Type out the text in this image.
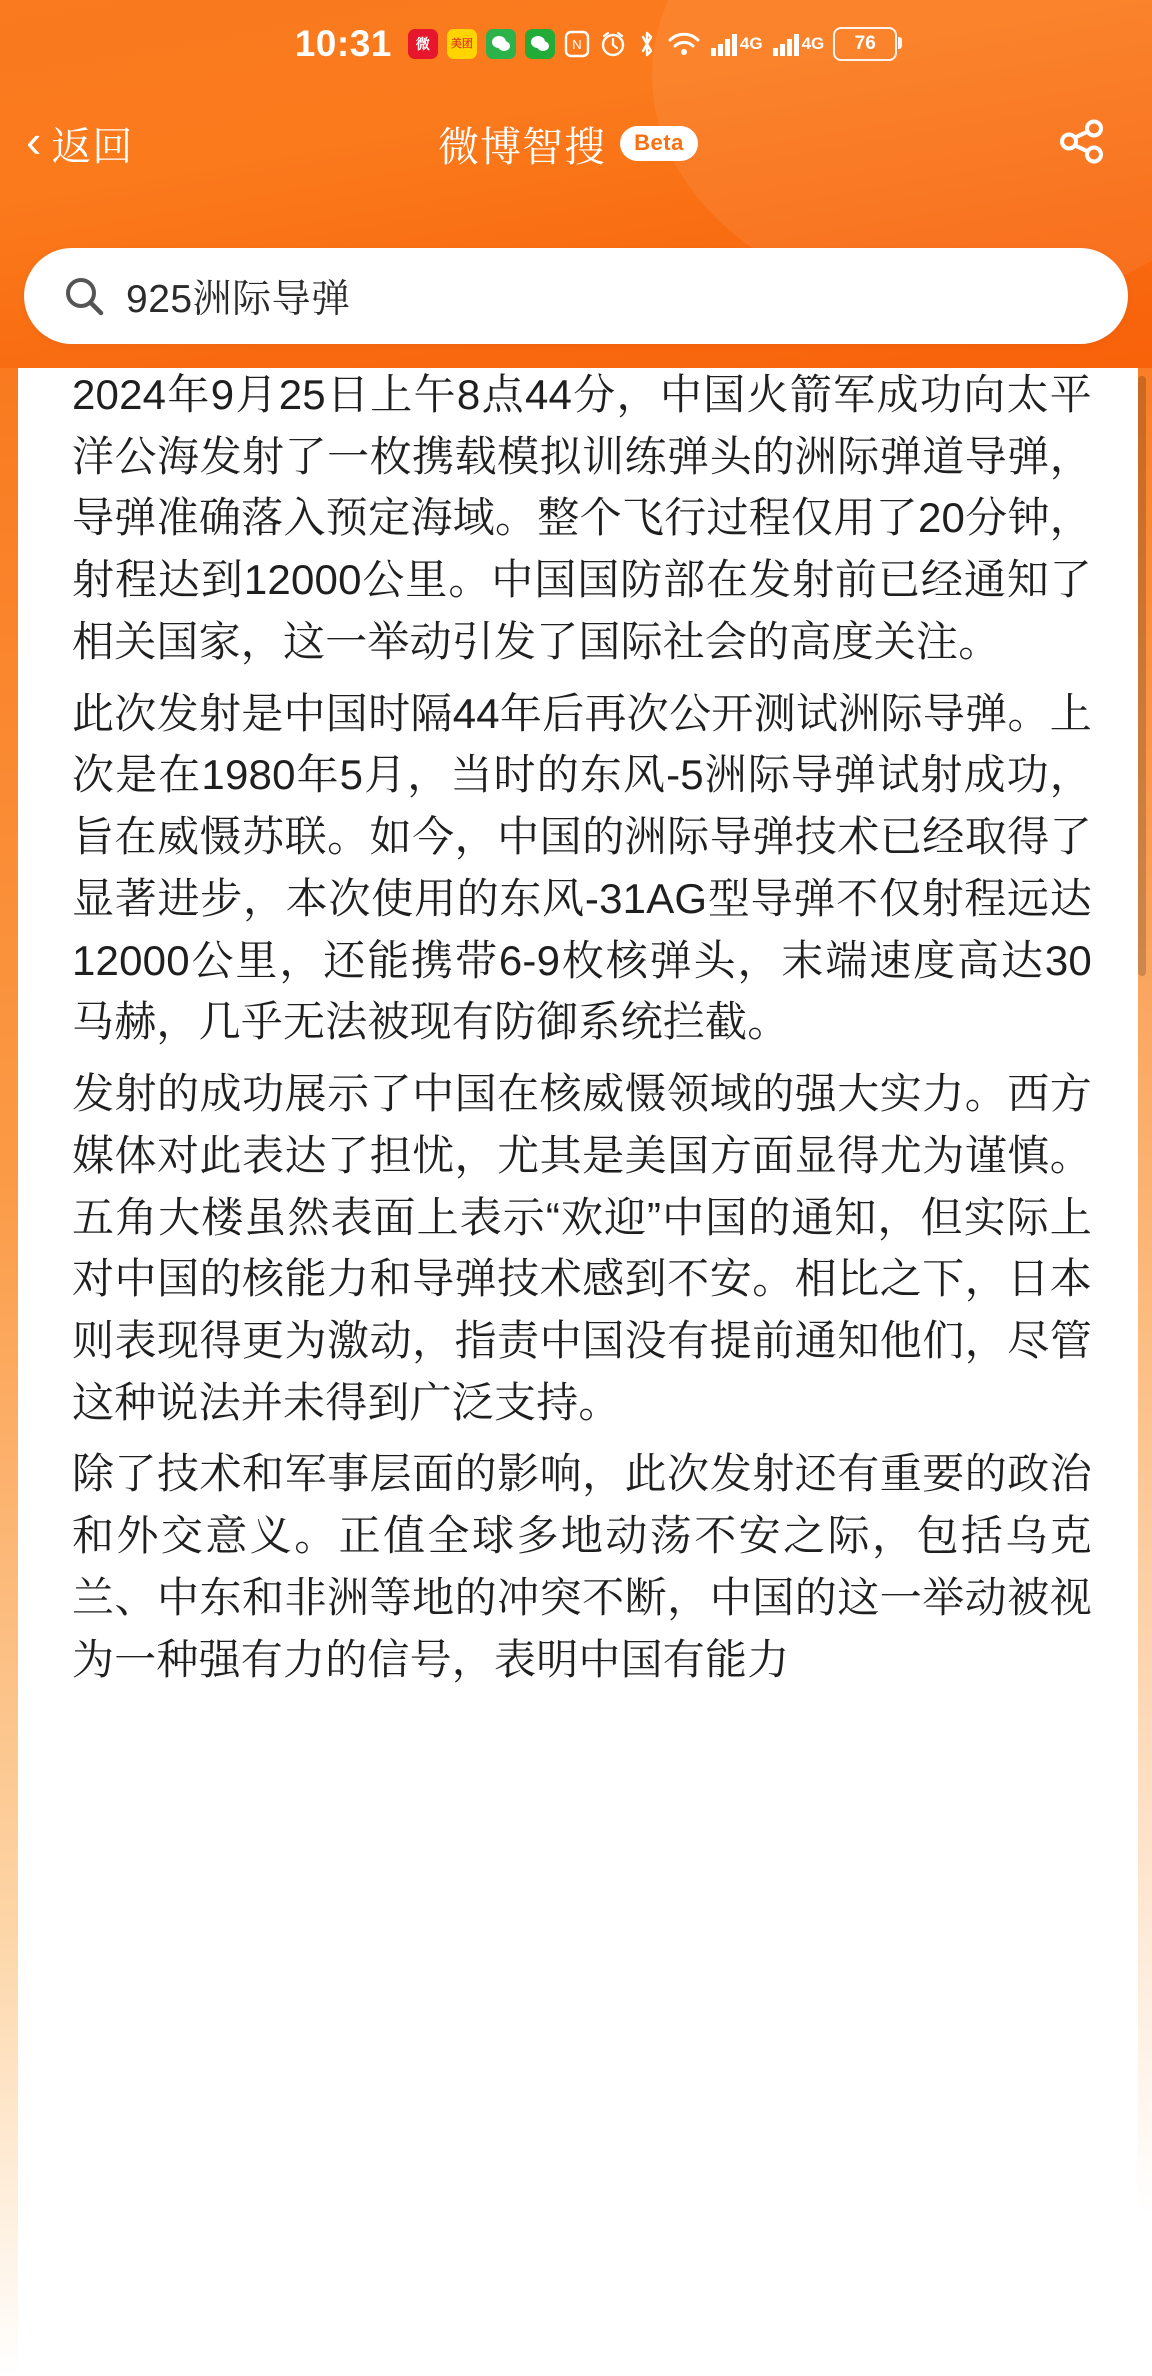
10:31	微	美团	N	4G 4G 76
‹ 返回	微博智搜	Beta
925洲际导弹

2024年9月25日上午8点44分，中国火箭军成功向太平洋公海发射了一枚携载模拟训练弹头的洲际弹道导弹，导弹准确落入预定海域。整个飞行过程仅用了20分钟，射程达到12000公里。中国国防部在发射前已经通知了相关国家，这一举动引发了国际社会的高度关注。

此次发射是中国时隔44年后再次公开测试洲际导弹。上次是在1980年5月，当时的东风-5洲际导弹试射成功，旨在威慑苏联。如今，中国的洲际导弹技术已经取得了显著进步，本次使用的东风-31AG型导弹不仅射程远达12000公里，还能携带6-9枚核弹头，末端速度高达30马赫，几乎无法被现有防御系统拦截。

发射的成功展示了中国在核威慑领域的强大实力。西方媒体对此表达了担忧，尤其是美国方面显得尤为谨慎。五角大楼虽然表面上表示“欢迎”中国的通知，但实际上对中国的核能力和导弹技术感到不安。相比之下，日本则表现得更为激动，指责中国没有提前通知他们，尽管这种说法并未得到广泛支持。

除了技术和军事层面的影响，此次发射还有重要的政治和外交意义。正值全球多地动荡不安之际，包括乌克兰、中东和非洲等地的冲突不断，中国的这一举动被视为一种强有力的信号，表明中国有能力
